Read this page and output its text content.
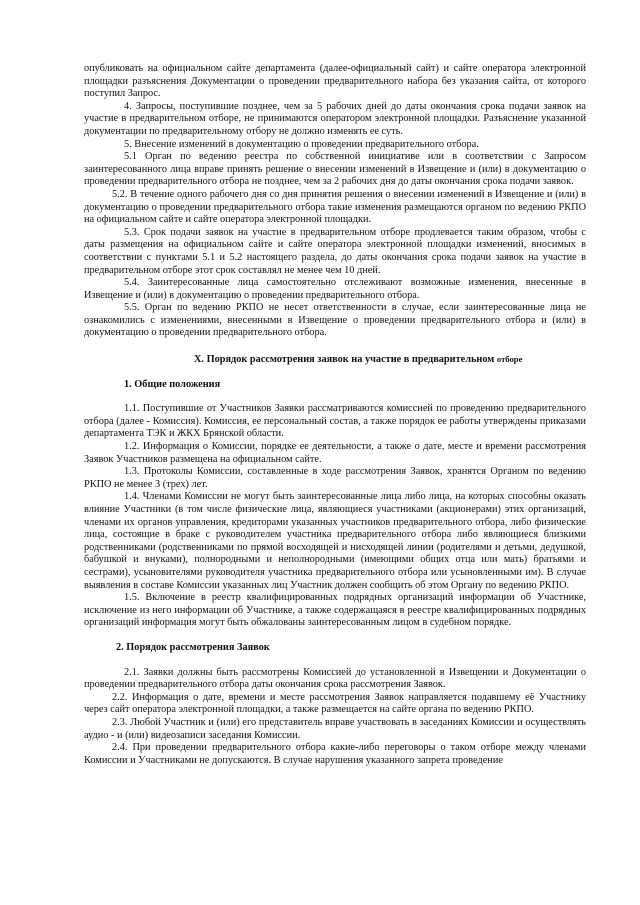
опубликовать на официальном сайте департамента (далее-официальный сайт) и сайте оператора электронной площадки разъяснения Документации о проведении предварительного набора без указания сайта, от которого поступил Запрос.

4. Запросы, поступившие позднее, чем за 5 рабочих дней до даты окончания срока подачи заявок на участие в предварительном отборе, не принимаются оператором электронной площадки. Разъяснение указанной документации по предварительному отбору не должно изменять ее суть.

5. Внесение изменений в документацию о проведении предварительного отбора.

5.1 Орган по ведению реестра по собственной инициативе или в соответствии с Запросом заинтересованного лица вправе принять решение о внесении изменений в Извещение и (или) в документацию о проведении предварительного отбора не позднее, чем за 2 рабочих дня до даты окончания срока подачи заявок.

5.2. В течение одного рабочего дня со дня принятия решения о внесении изменений в Извещение и (или) в документацию о проведении предварительного отбора такие изменения размещаются органом по ведению РКПО на официальном сайте и сайте оператора электронной площадки.

5.3. Срок подачи заявок на участие в предварительном отборе продлевается таким образом, чтобы с даты размещения на официальном сайте и сайте оператора электронной площадки изменений, вносимых в соответствии с пунктами 5.1 и 5.2 настоящего раздела, до даты окончания срока подачи заявок на участие в предварительном отборе этот срок составлял не менее чем 10 дней.

5.4. Заинтересованные лица самостоятельно отслеживают возможные изменения, внесенные в Извещение и (или) в документацию о проведении предварительного отбора.

5.5. Орган по ведению РКПО не несет ответственности в случае, если заинтересованные лица не ознакомились с изменениями, внесенными в Извещение о проведении предварительного отбора и (или) в документацию о проведении предварительного отбора.

X. Порядок рассмотрения заявок на участие в предварительном отборе

1. Общие положения

1.1. Поступившие от Участников Заявки рассматриваются комиссией по проведению предварительного отбора (далее - Комиссия). Комиссия, ее персональный состав, а также порядок ее работы утверждены приказами департамента ТЭК и ЖКХ Брянской области.

1.2. Информация о Комиссии, порядке ее деятельности, а также о дате, месте и времени рассмотрения Заявок Участников размещена на официальном сайте.

1.3. Протоколы Комиссии, составленные в ходе рассмотрения Заявок, хранятся Органом по ведению РКПО не менее 3 (трех) лет.

1.4. Членами Комиссии не могут быть заинтересованные лица либо лица, на которых способны оказать влияние Участники (в том числе физические лица, являющиеся участниками (акционерами) этих организаций, членами их органов управления, кредиторами указанных участников предварительного отбора, либо физические лица, состоящие в браке с руководителем участника предварительного отбора либо являющиеся близкими родственниками (родственниками по прямой восходящей и нисходящей линии (родителями и детьми, дедушкой, бабушкой и внуками), полнородными и неполнородными (имеющими общих отца или мать) братьями и сестрами), усыновителями руководителя участника предварительного отбора или усыновленными им). В случае выявления в составе Комиссии указанных лиц Участник должен сообщить об этом Органу по ведению РКПО.

1.5. Включение в реестр квалифицированных подрядных организаций информации об Участнике, исключение из него информации об Участнике, а также содержащаяся в реестре квалифицированных подрядных организаций информация могут быть обжалованы заинтересованным лицом в судебном порядке.

2. Порядок рассмотрения Заявок

2.1. Заявки должны быть рассмотрены Комиссией до установленной в Извещении и Документации о проведении предварительного отбора даты окончания срока рассмотрения Заявок.

2.2. Информация о дате, времени и месте рассмотрения Заявок направляется подавшему её Участнику через сайт оператора электронной площадки, а также размещается на сайте органа по ведению РКПО.

2.3. Любой Участник и (или) его представитель вправе участвовать в заседаниях Комиссии и осуществлять аудио - и (или) видеозаписи заседания Комиссии.

2.4. При проведении предварительного отбора какие-либо переговоры о таком отборе между членами Комиссии и Участниками не допускаются. В случае нарушения указанного запрета проведение
